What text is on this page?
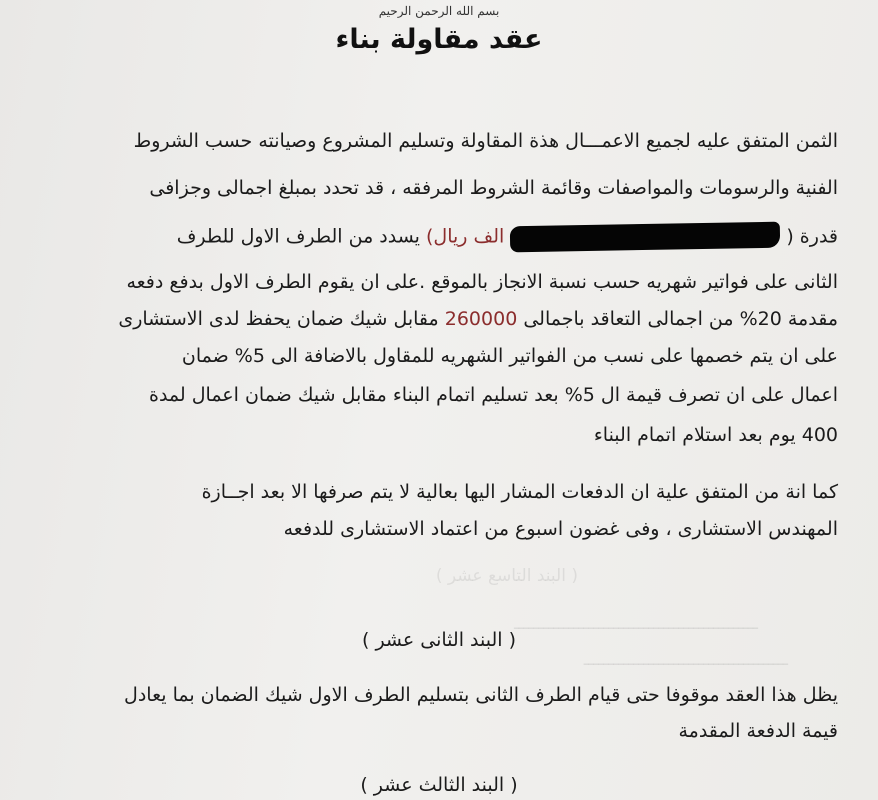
( البند التاسع عشر )
ـــــــــــــــــــــــــــــــــــــــــــــــــ
ـــــــــــــــــــــــــــــــــــــــــ
بسم الله الرحمن الرحيم
عقد مقاولة بناء
الثمن المتفق عليه لجميع الاعمـــال هذة المقاولة وتسليم المشروع وصيانته حسب الشروط
الفنية والرسومات والمواصفات وقائمة الشروط المرفقه ، قد تحدد بمبلغ اجمالى وجزافى
قدرة (  الف ريال) يسدد من الطرف الاول للطرف
الثانى على فواتير شهريه حسب نسبة الانجاز بالموقع .على ان يقوم الطرف الاول بدفع دفعه
مقدمة 20% من اجمالى التعاقد باجمالى 260000 مقابل شيك ضمان يحفظ لدى الاستشارى
على ان يتم خصمها على نسب من الفواتير الشهريه للمقاول بالاضافة الى 5% ضمان
اعمال على ان تصرف قيمة ال 5% بعد تسليم اتمام البناء مقابل شيك ضمان اعمال لمدة
400 يوم بعد استلام اتمام البناء
كما انة من المتفق علية ان الدفعات المشار اليها بعالية لا يتم صرفها الا بعد اجــازة
المهندس الاستشارى ، وفى غضون اسبوع من اعتماد الاستشارى للدفعه
( البند الثانى عشر )
يظل هذا العقد موقوفا حتى قيام الطرف الثانى بتسليم الطرف الاول شيك الضمان بما يعادل
قيمة الدفعة المقدمة
( البند الثالث عشر )
